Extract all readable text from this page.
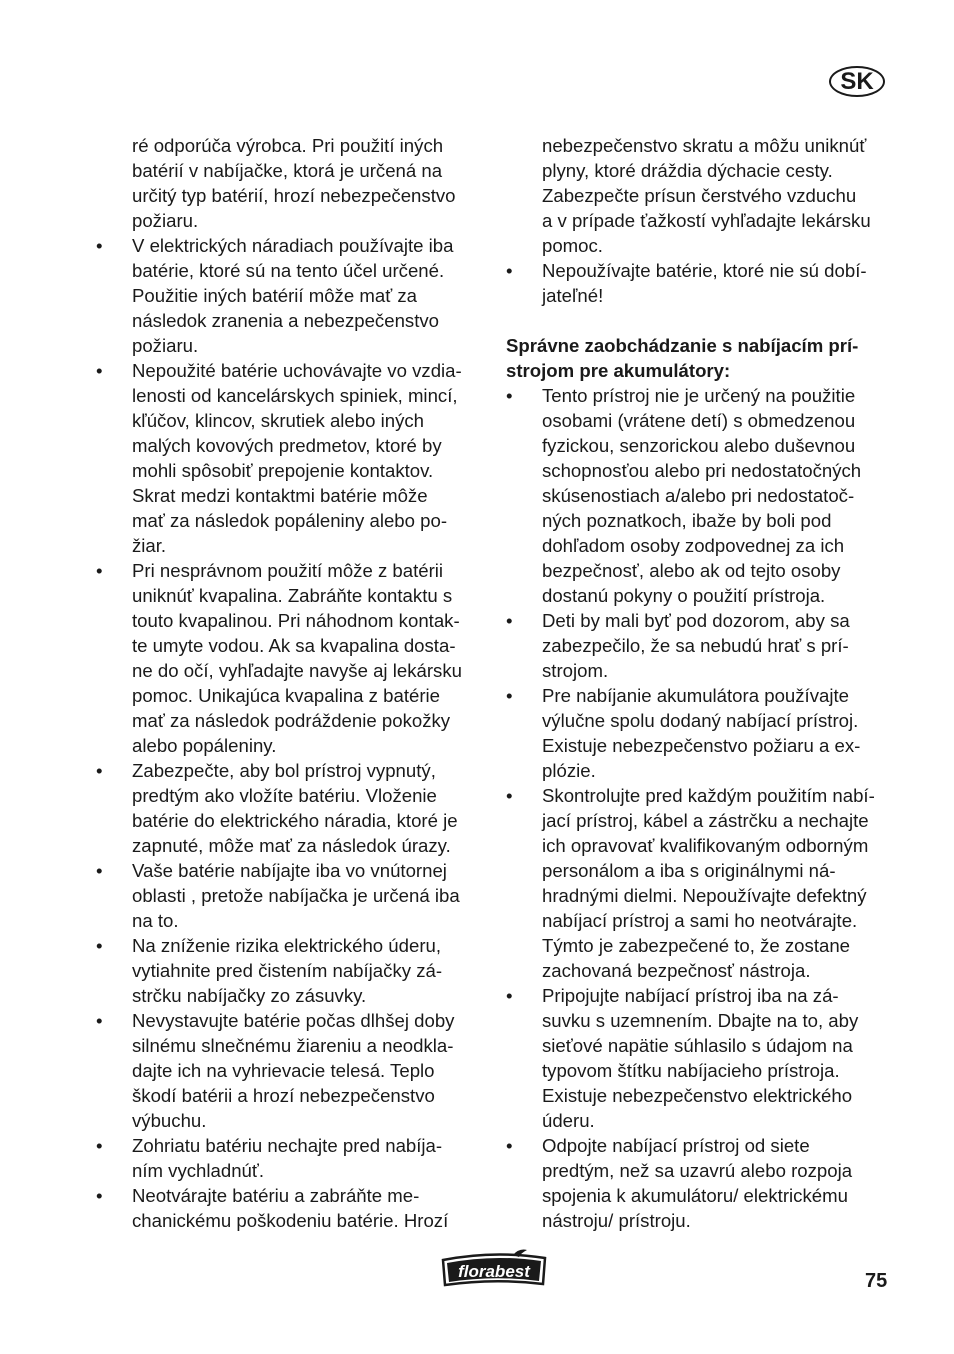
SK
ré odporúča výrobca. Pri použití iných
batérií v nabíjačke, ktorá je určená na
určitý typ batérií, hrozí nebezpečenstvo
požiaru.
•	V elektrických náradiach používajte iba
batérie, ktoré sú na tento účel určené.
Použitie iných batérií môže mať za
následok zranenia a nebezpečenstvo
požiaru.
•	Nepoužité batérie uchovávajte vo vzdia-
lenosti od kancelárskych spiniek, mincí,
kľúčov, klincov, skrutiek alebo iných
malých kovových predmetov, ktoré by
mohli spôsobiť prepojenie kontaktov.
Skrat medzi kontaktmi batérie môže
mať za následok popáleniny alebo po-
žiar.
•	Pri nesprávnom použití môže z batérii
uniknúť kvapalina. Zabráňte kontaktu s
touto kvapalinou. Pri náhodnom kontak-
te umyte vodou. Ak sa kvapalina dosta-
ne do očí, vyhľadajte navyše aj lekársku
pomoc. Unikajúca kvapalina z batérie
mať za následok podráždenie pokožky
alebo popáleniny.
•	Zabezpečte, aby bol prístroj vypnutý,
predtým ako vložíte batériu. Vloženie
batérie do elektrického náradia, ktoré je
zapnuté, môže mať za následok úrazy.
•	Vaše batérie nabíjajte iba vo vnútornej
oblasti , pretože nabíjačka je určená iba
na to.
•	Na zníženie rizika elektrického úderu,
vytiahnite pred čistením nabíjačky zá-
strčku nabíjačky zo zásuvky.
•	Nevystavujte batérie počas dlhšej doby
silnému slnečnému žiareniu a neodkla-
dajte ich na vyhrievacie telesá. Teplo
škodí batérii a hrozí nebezpečenstvo
výbuchu.
•	Zohriatu batériu nechajte pred nabíja-
ním vychladnúť.
•	Neotvárajte batériu a zabráňte me-
chanickému poškodeniu batérie. Hrozí
nebezpečenstvo skratu a môžu uniknúť
plyny, ktoré dráždia dýchacie cesty.
Zabezpečte prísun čerstvého vzduchu
a v prípade ťažkostí vyhľadajte lekársku
pomoc.
•	Nepoužívajte batérie, ktoré nie sú dobí-
jateľné!
Správne zaobchádzanie s nabíjacím prí-
strojom pre akumulátory:
•	Tento prístroj nie je určený na použitie
osobami (vrátene detí) s obmedzenou
fyzickou, senzorickou alebo duševnou
schopnosťou alebo pri nedostatočných
skúsenostiach a/alebo pri nedostatoč-
ných poznatkoch, ibaže by boli pod
dohľadom osoby zodpovednej za ich
bezpečnosť, alebo ak od tejto osoby
dostanú pokyny o použití prístroja.
•	Deti by mali byť pod dozorom, aby sa
zabezpečilo, že sa nebudú hrať s prí-
strojom.
•	Pre nabíjanie akumulátora používajte
výlučne spolu dodaný nabíjací prístroj.
Existuje nebezpečenstvo požiaru a ex-
plózie.
•	Skontrolujte pred každým použitím nabí-
jací prístroj, kábel a zástrčku a nechajte
ich opravovať kvalifikovaným odborným
personálom a iba s originálnymi ná-
hradnými dielmi. Nepoužívajte defektný
nabíjací prístroj a sami ho neotvárajte.
Týmto je zabezpečené to, že zostane
zachovaná bezpečnosť nástroja.
•	Pripojujte nabíjací prístroj iba na zá-
suvku s uzemnením. Dbajte na to, aby
sieťové napätie súhlasilo s údajom na
typovom štítku nabíjacieho prístroja.
Existuje nebezpečenstvo elektrického
úderu.
•	Odpojte nabíjací prístroj od siete
predtým, než sa uzavrú alebo rozpoja
spojenia k akumulátoru/ elektrickému
nástroju/ prístroju.
florabest	75
